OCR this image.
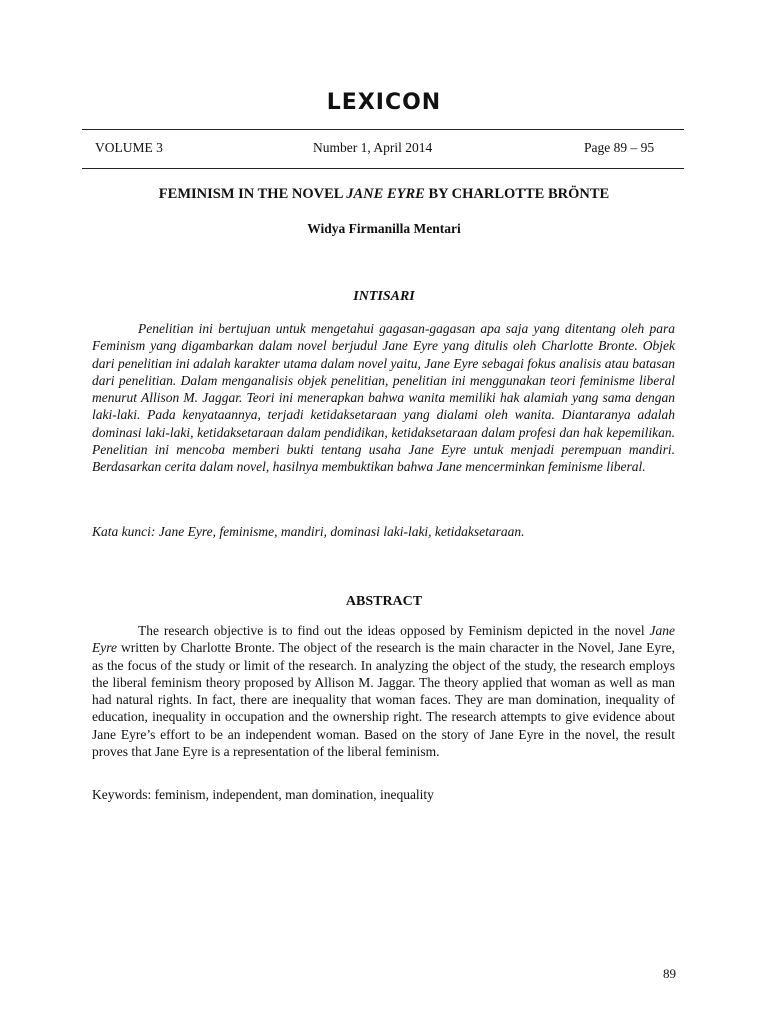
LEXICON
VOLUME 3	Number 1, April 2014	Page 89 – 95
FEMINISM IN THE NOVEL JANE EYRE BY CHARLOTTE BRÖNTE
Widya Firmanilla Mentari
INTISARI

Penelitian ini bertujuan untuk mengetahui gagasan-gagasan apa saja yang ditentang oleh para Feminism yang digambarkan dalam novel berjudul Jane Eyre yang ditulis oleh Charlotte Bronte. Objek dari penelitian ini adalah karakter utama dalam novel yaitu, Jane Eyre sebagai fokus analisis atau batasan dari penelitian. Dalam menganalisis objek penelitian, penelitian ini menggunakan teori feminisme liberal menurut Allison M. Jaggar. Teori ini menerapkan bahwa wanita memiliki hak alamiah yang sama dengan laki-laki. Pada kenyataannya, terjadi ketidaksetaraan yang dialami oleh wanita. Diantaranya adalah dominasi laki-laki, ketidaksetaraan dalam pendidikan, ketidaksetaraan dalam profesi dan hak kepemilikan. Penelitian ini mencoba memberi bukti tentang usaha Jane Eyre untuk menjadi perempuan mandiri. Berdasarkan cerita dalam novel, hasilnya membuktikan bahwa Jane mencerminkan feminisme liberal.

Kata kunci: Jane Eyre, feminisme, mandiri, dominasi laki-laki, ketidaksetaraan.

ABSTRACT

The research objective is to find out the ideas opposed by Feminism depicted in the novel Jane Eyre written by Charlotte Bronte. The object of the research is the main character in the Novel, Jane Eyre, as the focus of the study or limit of the research. In analyzing the object of the study, the research employs the liberal feminism theory proposed by Allison M. Jaggar. The theory applied that woman as well as man had natural rights. In fact, there are inequality that woman faces. They are man domination, inequality of education, inequality in occupation and the ownership right. The research attempts to give evidence about Jane Eyre’s effort to be an independent woman. Based on the story of Jane Eyre in the novel, the result proves that Jane Eyre is a representation of the liberal feminism.

Keywords: feminism, independent, man domination, inequality

89
